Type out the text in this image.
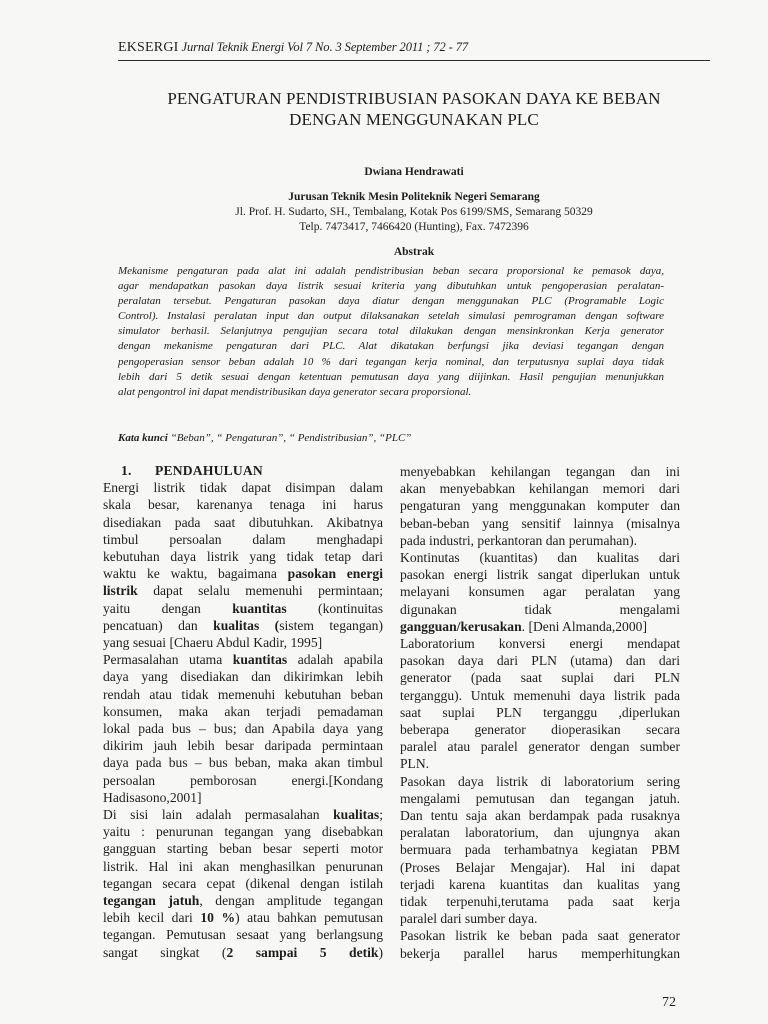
EKSERGI Jurnal Teknik Energi Vol 7 No. 3 September 2011 ; 72 - 77
PENGATURAN PENDISTRIBUSIAN PASOKAN DAYA KE BEBAN
DENGAN MENGGUNAKAN PLC
Dwiana Hendrawati
Jurusan Teknik Mesin Politeknik Negeri Semarang
Jl. Prof. H. Sudarto, SH., Tembalang, Kotak Pos 6199/SMS, Semarang 50329
Telp. 7473417, 7466420 (Hunting), Fax. 7472396
Abstrak
Mekanisme pengaturan pada alat ini adalah pendistribusian beban secara proporsional ke pemasok daya,
agar mendapatkan pasokan daya listrik sesuai kriteria yang dibutuhkan untuk pengoperasian peralatan-
peralatan tersebut. Pengaturan pasokan daya diatur dengan menggunakan PLC (Programable Logic
Control). Instalasi peralatan input dan output dilaksanakan setelah simulasi pemrograman dengan software
simulator berhasil. Selanjutnya pengujian secara total dilakukan dengan mensinkronkan Kerja generator
dengan mekanisme pengaturan dari PLC. Alat dikatakan berfungsi jika deviasi tegangan dengan
pengoperasian sensor beban adalah 10 % dari tegangan kerja nominal, dan terputusnya suplai daya tidak
lebih dari 5 detik sesuai dengan ketentuan pemutusan daya yang diijinkan. Hasil pengujian menunjukkan
alat pengontrol ini dapat mendistribusikan daya generator secara proporsional.
Kata kunci “Beban”, “ Pengaturan”, “ Pendistribusian”, “PLC”
1. PENDAHULUAN
Energi listrik tidak dapat disimpan dalam
skala besar, karenanya tenaga ini harus
disediakan pada saat dibutuhkan. Akibatnya
timbul persoalan dalam menghadapi
kebutuhan daya listrik yang tidak tetap dari
waktu ke waktu, bagaimana pasokan energi
listrik dapat selalu memenuhi permintaan;
yaitu dengan kuantitas (kontinuitas
pencatuan) dan kualitas (sistem tegangan)
yang sesuai [Chaeru Abdul Kadir, 1995]
Permasalahan utama kuantitas adalah apabila
daya yang disediakan dan dikirimkan lebih
rendah atau tidak memenuhi kebutuhan beban
konsumen, maka akan terjadi pemadaman
lokal pada bus – bus; dan Apabila daya yang
dikirim jauh lebih besar daripada permintaan
daya pada bus – bus beban, maka akan timbul
persoalan pemborosan energi.[Kondang
Hadisasono,2001]
Di sisi lain adalah permasalahan kualitas;
yaitu : penurunan tegangan yang disebabkan
gangguan starting beban besar seperti motor
listrik. Hal ini akan menghasilkan penurunan
tegangan secara cepat (dikenal dengan istilah
tegangan jatuh, dengan amplitude tegangan
lebih kecil dari 10 %) atau bahkan pemutusan
tegangan. Pemutusan sesaat yang berlangsung
sangat singkat (2 sampai 5 detik)
menyebabkan kehilangan tegangan dan ini
akan menyebabkan kehilangan memori dari
pengaturan yang menggunakan komputer dan
beban-beban yang sensitif lainnya (misalnya
pada industri, perkantoran dan perumahan).
Kontinutas (kuantitas) dan kualitas dari
pasokan energi listrik sangat diperlukan untuk
melayani konsumen agar peralatan yang
digunakan tidak mengalami
gangguan/kerusakan. [Deni Almanda,2000]
Laboratorium konversi energi mendapat
pasokan daya dari PLN (utama) dan dari
generator (pada saat suplai dari PLN
terganggu). Untuk memenuhi daya listrik pada
saat suplai PLN terganggu ,diperlukan
beberapa generator dioperasikan secara
paralel atau paralel generator dengan sumber
PLN.
Pasokan daya listrik di laboratorium sering
mengalami pemutusan dan tegangan jatuh.
Dan tentu saja akan berdampak pada rusaknya
peralatan laboratorium, dan ujungnya akan
bermuara pada terhambatnya kegiatan PBM
(Proses Belajar Mengajar). Hal ini dapat
terjadi karena kuantitas dan kualitas yang
tidak terpenuhi,terutama pada saat kerja
paralel dari sumber daya.
Pasokan listrik ke beban pada saat generator
bekerja parallel harus memperhitungkan
72
